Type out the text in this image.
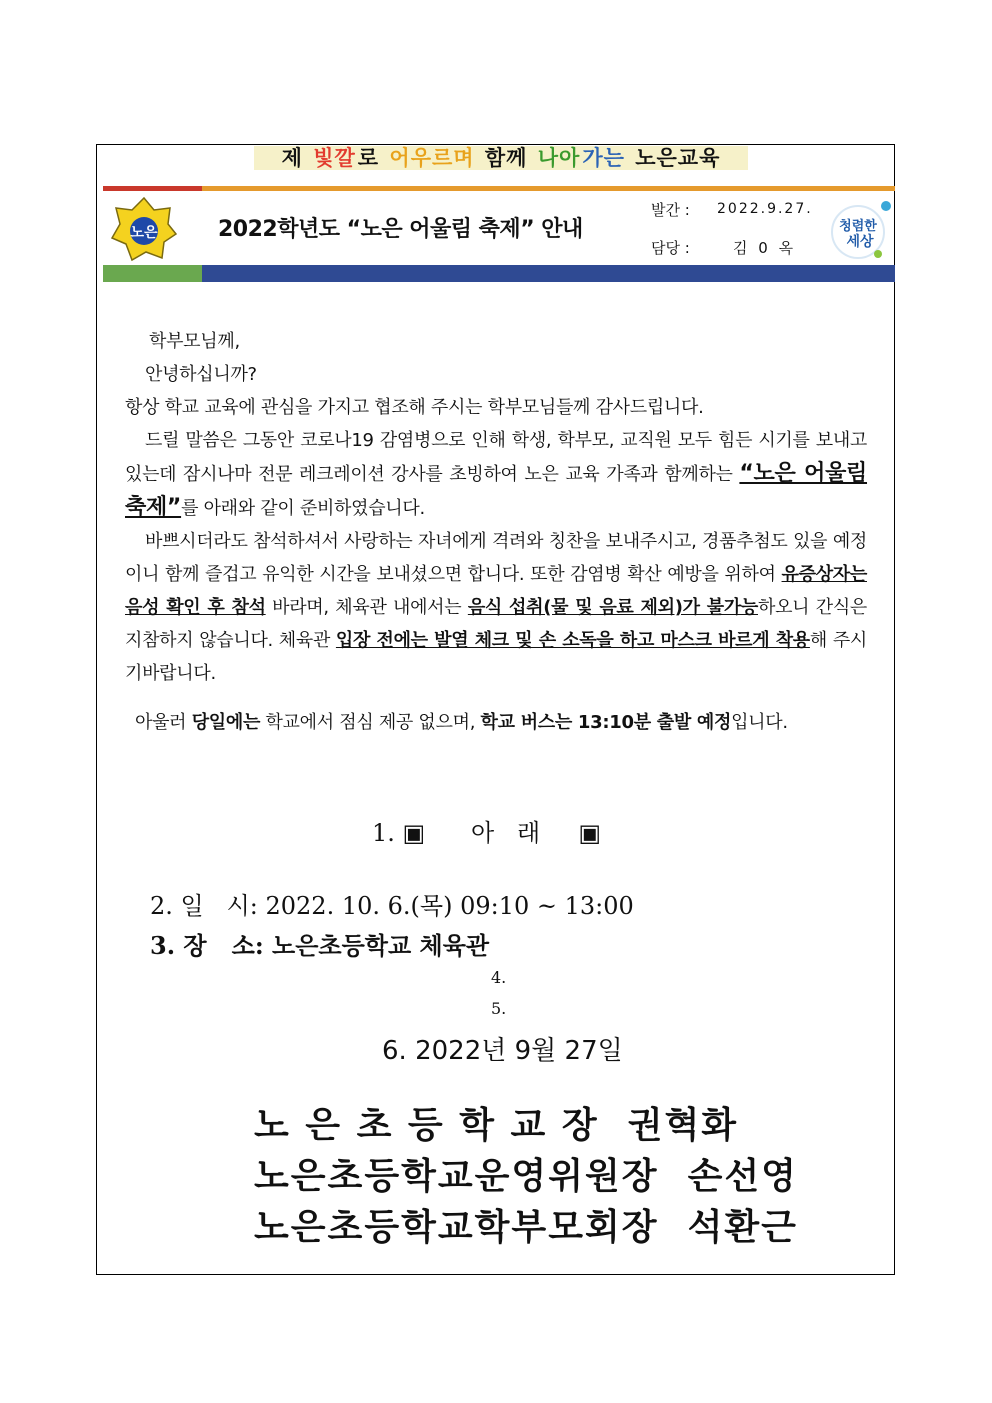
제 빛깔로 어우르며 함께 나아가는 노은교육
노은	2022학년도 “노은 어울림 축제” 안내
발간 : 2022.9.27.
담당 :	김 0 옥
청렴한
세상

학부모님께,

안녕하십니까?

항상 학교 교육에 관심을 가지고 협조해 주시는 학부모님들께 감사드립니다.

드릴 말씀은 그동안 코로나19 감염병으로 인해 학생, 학부모, 교직원 모두 힘든 시기를 보내고 있는데 잠시나마 전문 레크레이션 강사를 초빙하여 노은 교육 가족과 함께하는 “노은 어울림 축제”를 아래와 같이 준비하였습니다.

바쁘시더라도 참석하셔서 사랑하는 자녀에게 격려와 칭찬을 보내주시고, 경품추첨도 있을 예정이니 함께 즐겁고 유익한 시간을 보내셨으면 합니다. 또한 감염병 확산 예방을 위하여 유증상자는 음성 확인 후 참석 바라며, 체육관 내에서는 음식 섭취(물 및 음료 제외)가 불가능하오니 간식은 지참하지 않습니다. 체육관 입장 전에는 발열 체크 및 손 소독을 하고 마스크 바르게 착용해 주시기바랍니다.

아울러 당일에는 학교에서 점심 제공 없으며, 학교 버스는 13:10분 출발 예정입니다.

1. ▣      아   래     ▣
2. 일   시: 2022. 10. 6.(목) 09:10 ~ 13:00
3. 장   소: 노은초등학교 체육관
4.
5.
6. 2022년 9월 27일
노 은 초 등 학 교 장  권혁화
노은초등학교운영위원장  손선영
노은초등학교학부모회장  석환근
